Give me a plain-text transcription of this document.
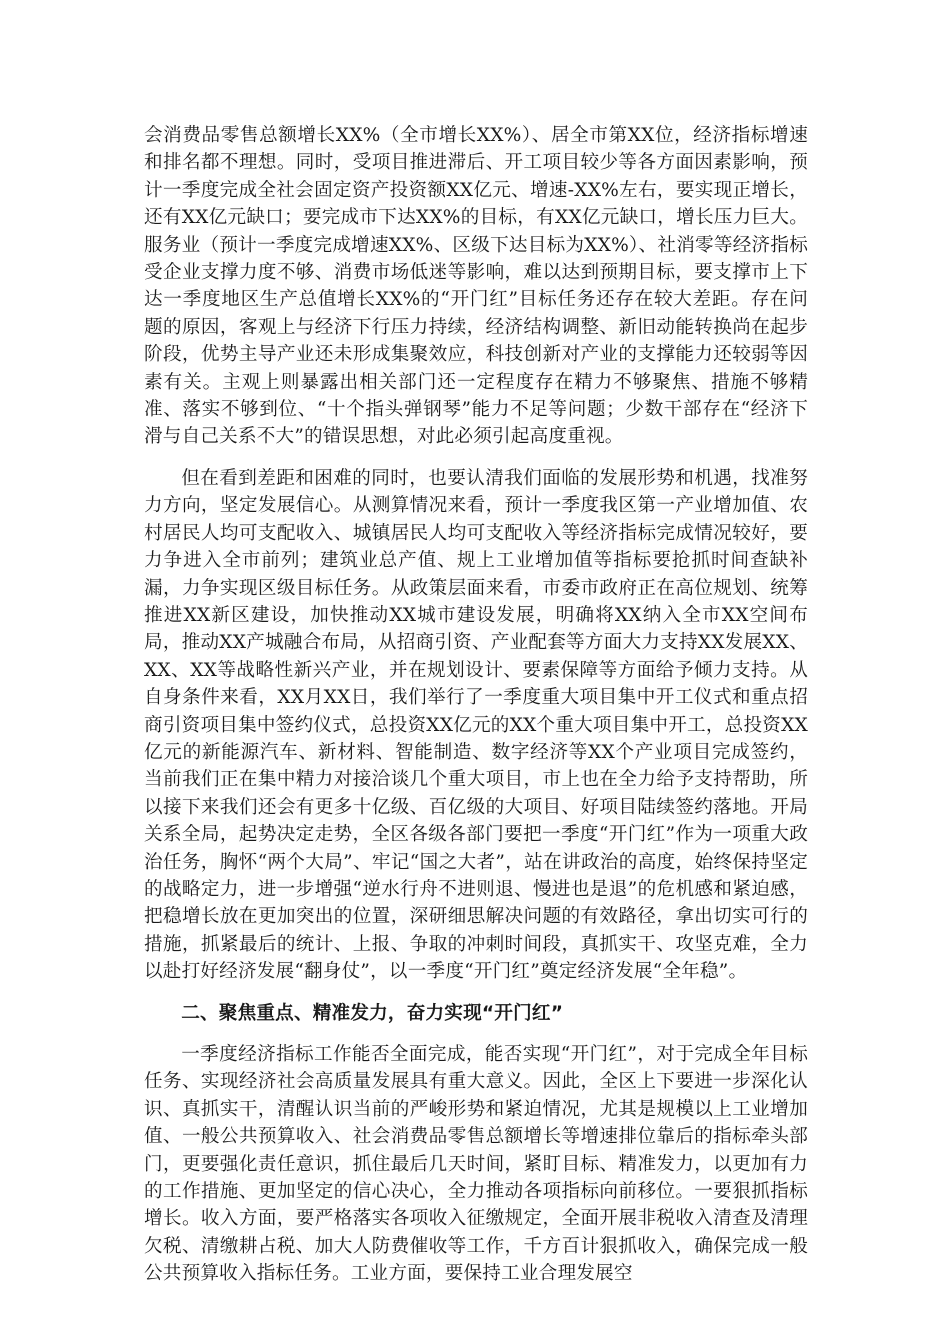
会消费品零售总额增长XX%（全市增长XX%）、居全市第XX位，经济指标增速和排名都不理想。同时，受项目推进滞后、开工项目较少等各方面因素影响，预计一季度完成全社会固定资产投资额XX亿元、增速-XX%左右，要实现正增长，还有XX亿元缺口；要完成市下达XX%的目标，有XX亿元缺口，增长压力巨大。服务业（预计一季度完成增速XX%、区级下达目标为XX%）、社消零等经济指标受企业支撑力度不够、消费市场低迷等影响，难以达到预期目标，要支撑市上下达一季度地区生产总值增长XX%的“开门红”目标任务还存在较大差距。存在问题的原因，客观上与经济下行压力持续，经济结构调整、新旧动能转换尚在起步阶段，优势主导产业还未形成集聚效应，科技创新对产业的支撑能力还较弱等因素有关。主观上则暴露出相关部门还一定程度存在精力不够聚焦、措施不够精准、落实不够到位、“十个指头弹钢琴”能力不足等问题；少数干部存在“经济下滑与自己关系不大”的错误思想，对此必须引起高度重视。

但在看到差距和困难的同时，也要认清我们面临的发展形势和机遇，找准努力方向，坚定发展信心。从测算情况来看，预计一季度我区第一产业增加值、农村居民人均可支配收入、城镇居民人均可支配收入等经济指标完成情况较好，要力争进入全市前列；建筑业总产值、规上工业增加值等指标要抢抓时间查缺补漏，力争实现区级目标任务。从政策层面来看，市委市政府正在高位规划、统筹推进XX新区建设，加快推动XX城市建设发展，明确将XX纳入全市XX空间布局，推动XX产城融合布局，从招商引资、产业配套等方面大力支持XX发展XX、XX、XX等战略性新兴产业，并在规划设计、要素保障等方面给予倾力支持。从自身条件来看，XX月XX日，我们举行了一季度重大项目集中开工仪式和重点招商引资项目集中签约仪式，总投资XX亿元的XX个重大项目集中开工，总投资XX亿元的新能源汽车、新材料、智能制造、数字经济等XX个产业项目完成签约，当前我们正在集中精力对接洽谈几个重大项目，市上也在全力给予支持帮助，所以接下来我们还会有更多十亿级、百亿级的大项目、好项目陆续签约落地。开局关系全局，起势决定走势，全区各级各部门要把一季度“开门红”作为一项重大政治任务，胸怀“两个大局”、牢记“国之大者”，站在讲政治的高度，始终保持坚定的战略定力，进一步增强“逆水行舟不进则退、慢进也是退”的危机感和紧迫感，把稳增长放在更加突出的位置，深研细思解决问题的有效路径，拿出切实可行的措施，抓紧最后的统计、上报、争取的冲刺时间段，真抓实干、攻坚克难，全力以赴打好经济发展“翻身仗”，以一季度“开门红”奠定经济发展“全年稳”。

二、聚焦重点、精准发力，奋力实现“开门红”

一季度经济指标工作能否全面完成，能否实现“开门红”，对于完成全年目标任务、实现经济社会高质量发展具有重大意义。因此，全区上下要进一步深化认识、真抓实干，清醒认识当前的严峻形势和紧迫情况，尤其是规模以上工业增加值、一般公共预算收入、社会消费品零售总额增长等增速排位靠后的指标牵头部门，更要强化责任意识，抓住最后几天时间，紧盯目标、精准发力，以更加有力的工作措施、更加坚定的信心决心，全力推动各项指标向前移位。一要狠抓指标增长。收入方面，要严格落实各项收入征缴规定，全面开展非税收入清查及清理欠税、清缴耕占税、加大人防费催收等工作，千方百计狠抓收入，确保完成一般公共预算收入指标任务。工业方面，要保持工业合理发展空
